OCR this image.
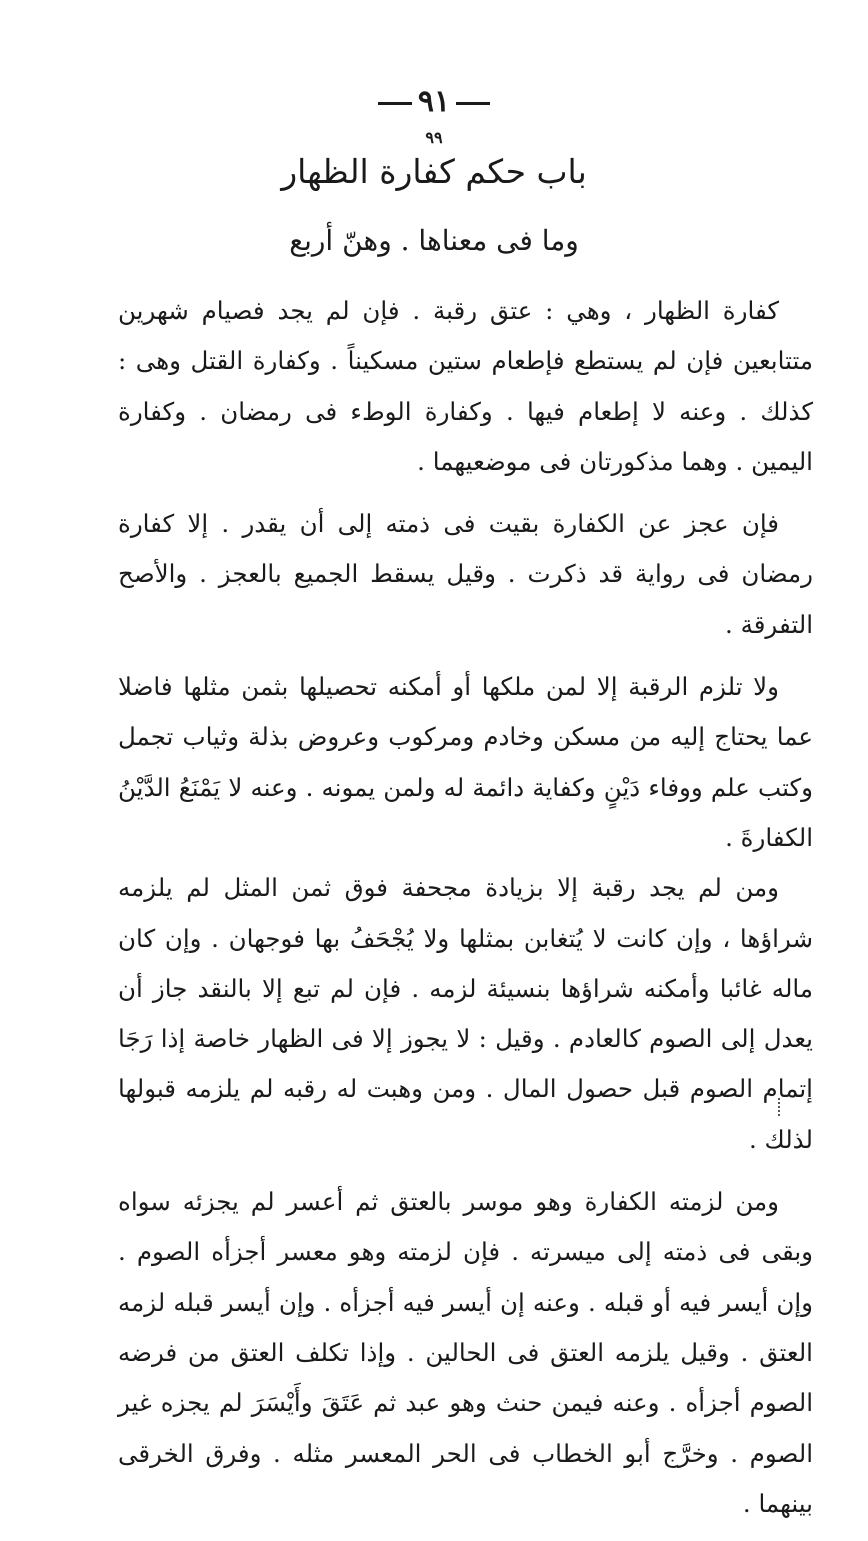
٩١
٩٩
باب حكم كفارة الظهار
وما فى معناها . وهنّ أربع

كفارة الظهار ، وهي : عتق رقبة . فإن لم يجد فصيام شهرين متتابعين فإن لم يستطع فإطعام ستين مسكيناً . وكفارة القتل وهى : كذلك . وعنه لا إطعام فيها . وكفارة الوطء فى رمضان . وكفارة اليمين . وهما مذكورتان فى موضعيهما .

فإن عجز عن الكفارة بقيت فى ذمته إلى أن يقدر . إلا كفارة رمضان فى رواية قد ذكرت . وقيل يسقط الجميع بالعجز . والأصح التفرقة .

ولا تلزم الرقبة إلا لمن ملكها أو أمكنه تحصيلها بثمن مثلها فاضلا عما يحتاج إليه من مسكن وخادم ومركوب وعروض بذلة وثياب تجمل وكتب علم ووفاء دَيْنٍ وكفاية دائمة له ولمن يمونه . وعنه لا يَمْنَعُ الدَّيْنُ الكفارةَ .

ومن لم يجد رقبة إلا بزيادة مجحفة فوق ثمن المثل لم يلزمه شراؤها ، وإن كانت لا يُتغابن بمثلها ولا يُجْحَفُ بها فوجهان . وإن كان ماله غائبا وأمكنه شراؤها بنسيئة لزمه . فإن لم تبع إلا بالنقد جاز أن يعدل إلى الصوم كالعادم . وقيل : لا يجوز إلا فى الظهار خاصة إذا رَجَا إتمام الصوم قبل حصول المال . ومن وهبت له رقبه لم يلزمه قبولها لذلك .

ومن لزمته الكفارة وهو موسر بالعتق ثم أعسر لم يجزئه سواه وبقى فى ذمته إلى ميسرته . فإن لزمته وهو معسر أجزأه الصوم . وإن أيسر فيه أو قبله . وعنه إن أيسر فيه أجزأه . وإن أيسر قبله لزمه العتق . وقيل يلزمه العتق فى الحالين . وإذا تكلف العتق من فرضه الصوم أجزأه . وعنه فيمن حنث وهو عبد ثم عَتَقَ وأَيْسَرَ لم يجزه غير الصوم . وخرَّج أبو الخطاب فى الحر المعسر مثله . وفرق الخرقى بينهما .
